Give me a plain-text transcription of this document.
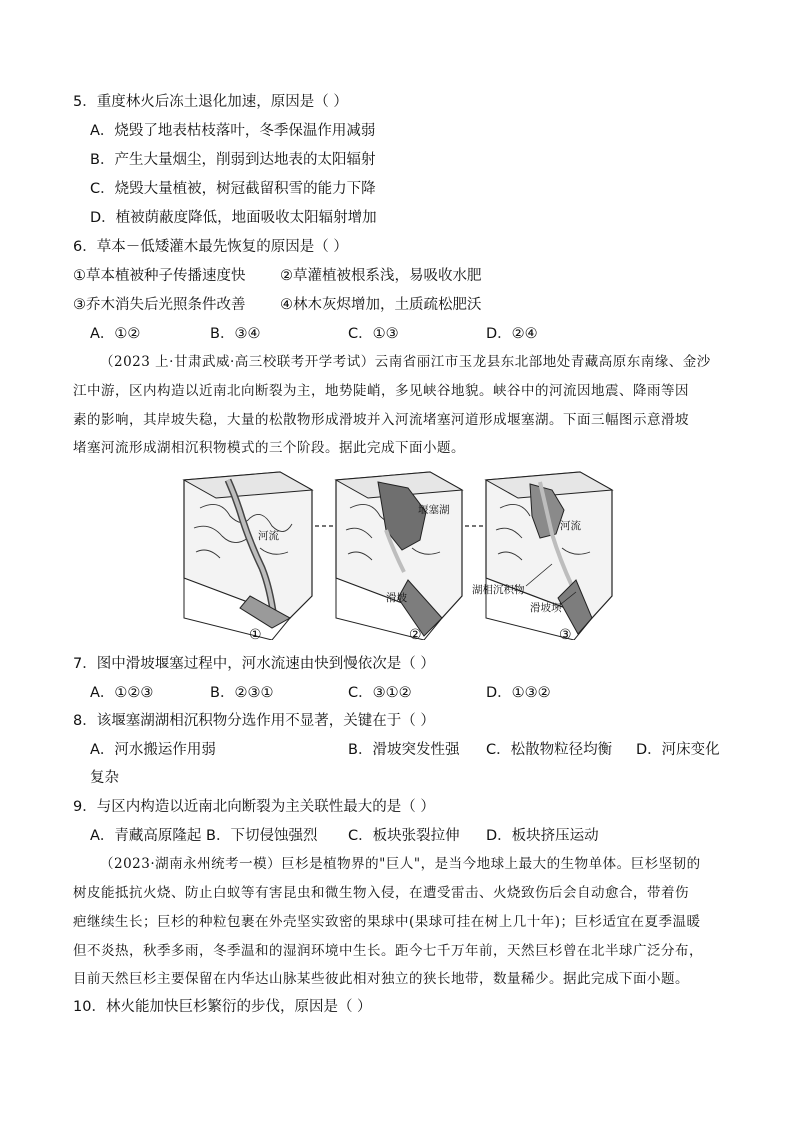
5．重度林火后冻土退化加速，原因是（ ）
A．烧毁了地表枯枝落叶，冬季保温作用减弱
B．产生大量烟尘，削弱到达地表的太阳辐射
C．烧毁大量植被，树冠截留积雪的能力下降
D．植被荫蔽度降低，地面吸收太阳辐射增加
6．草本－低矮灌木最先恢复的原因是（ ）
①草本植被种子传播速度快 ②草灌植被根系浅，易吸收水肥
③乔木消失后光照条件改善 ④林木灰烬增加，土质疏松肥沃
A．①②	B．③④	C．①③	D．②④
（2023 上·甘肃武威·高三校联考开学考试）云南省丽江市玉龙县东北部地处青藏高原东南缘、金沙
江中游，区内构造以近南北向断裂为主，地势陡峭，多见峡谷地貌。峡谷中的河流因地震、降雨等因
素的影响，其岸坡失稳，大量的松散物形成滑坡并入河流堵塞河道形成堰塞湖。下面三幅图示意滑坡
堵塞河流形成湖相沉积物模式的三个阶段。据此完成下面小题。
河流
堰塞湖
滑坡
河流
湖相沉积物
滑坡坝
①	②	③
7．图中滑坡堰塞过程中，河水流速由快到慢依次是（ ）
A．①②③	B．②③①	C．③①②	D．①③②
8．该堰塞湖湖相沉积物分选作用不显著，关键在于（ ）
A．河水搬运作用弱	B．滑坡突发性强 C．松散物粒径均衡 D．河床变化
复杂
9．与区内构造以近南北向断裂为主关联性最大的是（ ）
A．青藏高原隆起 B．下切侵蚀强烈 C．板块张裂拉伸 D．板块挤压运动
（2023·湖南永州统考一模）巨杉是植物界的"巨人"，是当今地球上最大的生物单体。巨杉坚韧的
树皮能抵抗火烧、防止白蚁等有害昆虫和微生物入侵，在遭受雷击、火烧致伤后会自动愈合，带着伤
疤继续生长；巨杉的种粒包裹在外壳坚实致密的果球中(果球可挂在树上几十年)；巨杉适宜在夏季温暖
但不炎热，秋季多雨，冬季温和的湿润环境中生长。距今七千万年前，天然巨杉曾在北半球广泛分布，
目前天然巨杉主要保留在内华达山脉某些彼此相对独立的狭长地带，数量稀少。据此完成下面小题。
10．林火能加快巨杉繁衍的步伐，原因是（ ）
